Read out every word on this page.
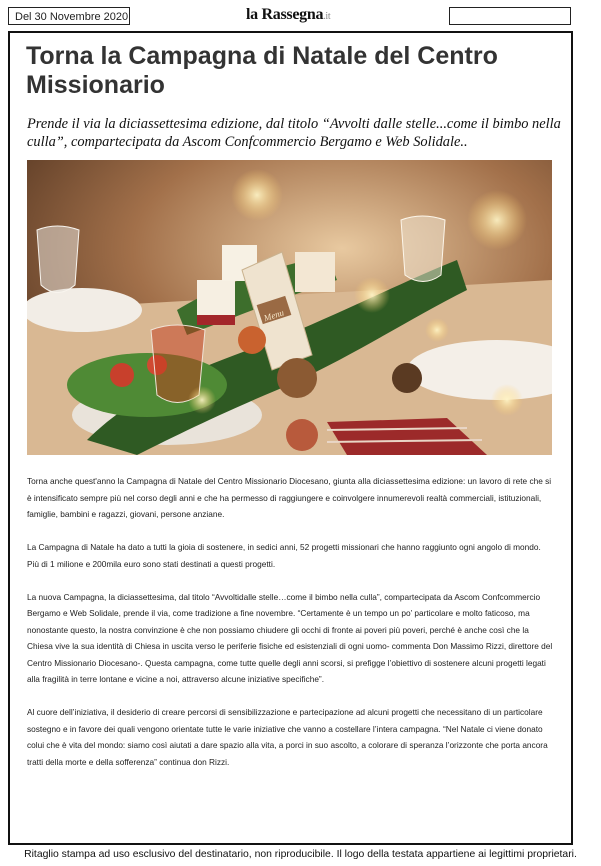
Del 30 Novembre 2020	la Rassegna.it
Torna la Campagna di Natale del Centro Missionario
Prende il via la diciassettesima edizione, dal titolo “Avvolti dalle stelle...come il bimbo nella culla”, compartecipata da Ascom Confcommercio Bergamo e Web Solidale..
Menu

Torna anche quest'anno la Campagna di Natale del Centro Missionario Diocesano, giunta alla diciassettesima edizione: un lavoro di rete che si è intensificato sempre più nel corso degli anni e che ha permesso di raggiungere e coinvolgere innumerevoli realtà commerciali, istituzionali, famiglie, bambini e ragazzi, giovani, persone anziane.

La Campagna di Natale ha dato a tutti la gioia di sostenere, in sedici anni, 52 progetti missionari che hanno raggiunto ogni angolo di mondo. Più di 1 milione e 200mila euro sono stati destinati a questi progetti.

La nuova Campagna, la diciassettesima, dal titolo “Avvoltidalle stelle…come il bimbo nella culla”, compartecipata da Ascom Confcommercio Bergamo e Web Solidale, prende il via, come tradizione a fine novembre. “Certamente è un tempo un po’ particolare e molto faticoso, ma nonostante questo, la nostra convinzione è che non possiamo chiudere gli occhi di fronte ai poveri più poveri, perché è anche così che la Chiesa vive la sua identità di Chiesa in uscita verso le periferie fisiche ed esistenziali di ogni uomo- commenta Don Massimo Rizzi, direttore del Centro Missionario Diocesano-. Questa campagna, come tutte quelle degli anni scorsi, si prefigge l’obiettivo di sostenere alcuni progetti legati alla fragilità in terre lontane e vicine a noi, attraverso alcune iniziative specifiche”.

Al cuore dell’iniziativa, il desiderio di creare percorsi di sensibilizzazione e partecipazione ad alcuni progetti che necessitano di un particolare sostegno e in favore dei quali vengono orientate tutte le varie iniziative che vanno a costellare l’intera campagna. “Nel Natale ci viene donato colui che è vita del mondo: siamo così aiutati a dare spazio alla vita, a porci in suo ascolto, a colorare di speranza l’orizzonte che porta ancora tratti della morte e della sofferenza” continua don Rizzi.

Ritaglio stampa ad uso esclusivo del destinatario, non riproducibile. Il logo della testata appartiene ai legittimi proprietari.
